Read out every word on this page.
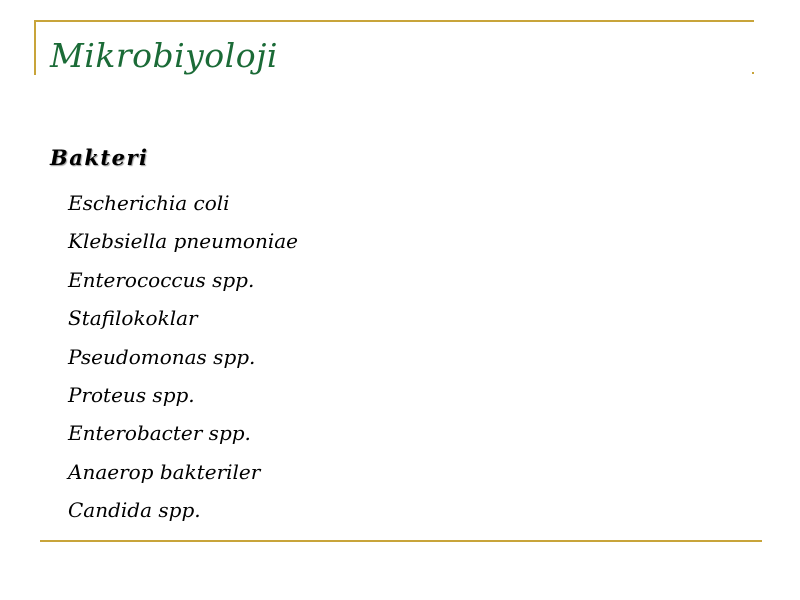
Mikrobiyoloji
Bakteri
Escherichia coli
Klebsiella pneumoniae
Enterococcus spp.
Stafilokoklar
Pseudomonas spp.
Proteus spp.
Enterobacter spp.
Anaerop bakteriler
Candida spp.
